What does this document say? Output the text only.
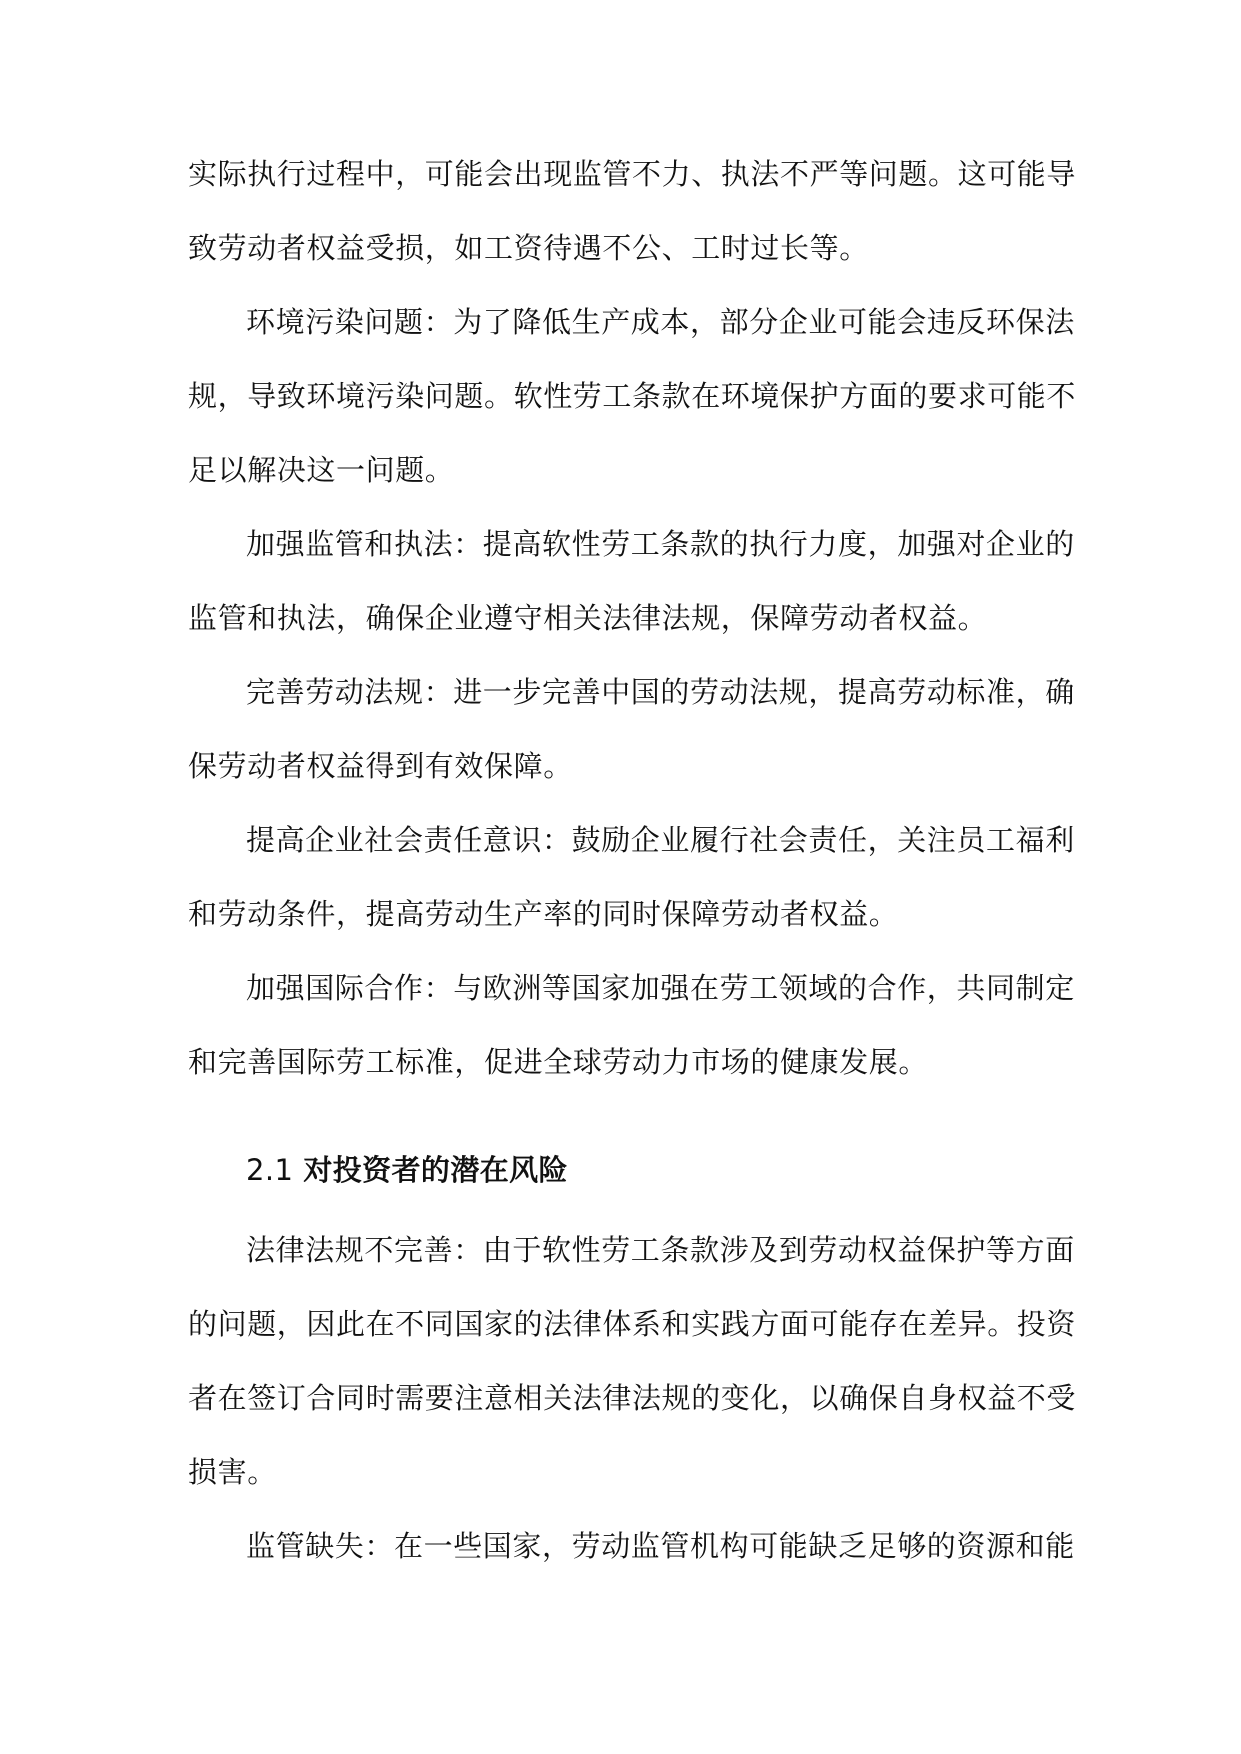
实际执行过程中，可能会出现监管不力、执法不严等问题。这可能导
致劳动者权益受损，如工资待遇不公、工时过长等。
环境污染问题：为了降低生产成本，部分企业可能会违反环保法
规，导致环境污染问题。软性劳工条款在环境保护方面的要求可能不
足以解决这一问题。
加强监管和执法：提高软性劳工条款的执行力度，加强对企业的
监管和执法，确保企业遵守相关法律法规，保障劳动者权益。
完善劳动法规：进一步完善中国的劳动法规，提高劳动标准，确
保劳动者权益得到有效保障。
提高企业社会责任意识：鼓励企业履行社会责任，关注员工福利
和劳动条件，提高劳动生产率的同时保障劳动者权益。
加强国际合作：与欧洲等国家加强在劳工领域的合作，共同制定
和完善国际劳工标准，促进全球劳动力市场的健康发展。
2.1 对投资者的潜在风险
法律法规不完善：由于软性劳工条款涉及到劳动权益保护等方面
的问题，因此在不同国家的法律体系和实践方面可能存在差异。投资
者在签订合同时需要注意相关法律法规的变化，以确保自身权益不受
损害。
监管缺失：在一些国家，劳动监管机构可能缺乏足够的资源和能
